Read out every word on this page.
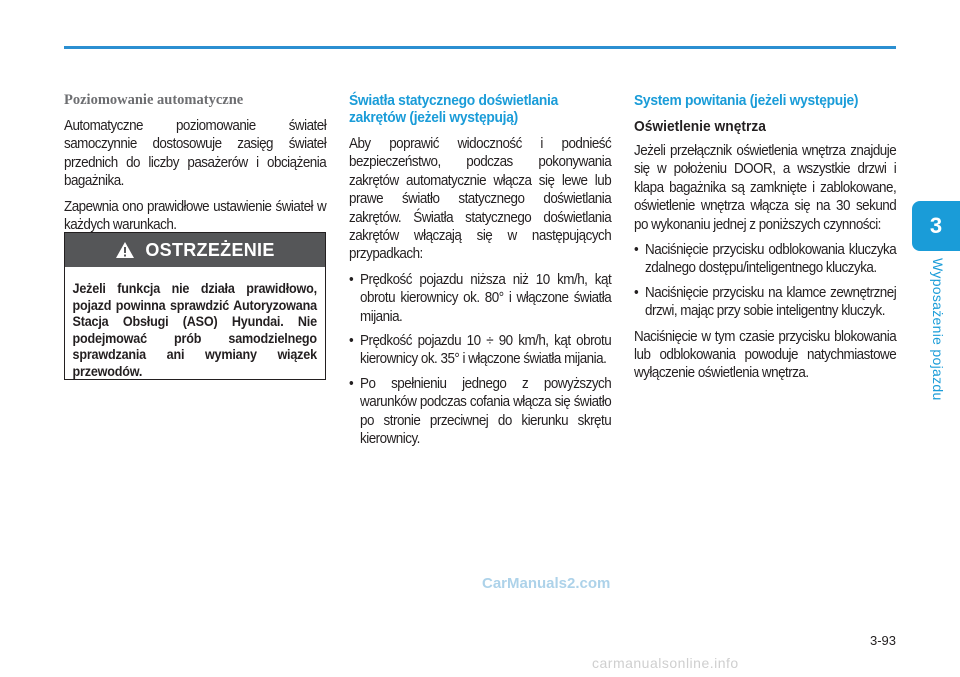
3
Wyposażenie pojazdu
Poziomowanie automatyczne

Automatyczne poziomowanie świateł samoczynnie dostosowuje zasięg świateł przednich do liczby pasażerów i obciążenia bagażnika.

Zapewnia ono prawidłowe ustawienie świateł w każdych warunkach.

OSTRZEŻENIE
Jeżeli funkcja nie działa prawidłowo, pojazd powinna sprawdzić Autoryzowana Stacja Obsługi (ASO) Hyundai. Nie podejmować prób samodzielnego sprawdzania ani wymiany wiązek przewodów.
Światła statycznego doświetlania zakrętów (jeżeli występują)

Aby poprawić widoczność i podnieść bezpieczeństwo, podczas pokonywania zakrętów automatycznie włącza się lewe lub prawe światło statycznego doświetlania zakrętów. Światła statycznego doświetlania zakrętów włączają się w następujących przypadkach:

• Prędkość pojazdu niższa niż 10 km/h, kąt obrotu kierownicy ok. 80° i włączone światła mijania.
• Prędkość pojazdu 10 ÷ 90 km/h, kąt obrotu kierownicy ok. 35° i włączone światła mijania.
• Po spełnieniu jednego z powyższych warunków podczas cofania włącza się światło po stronie przeciwnej do kierunku skrętu kierownicy.
System powitania (jeżeli występuje)
Oświetlenie wnętrza

Jeżeli przełącznik oświetlenia wnętrza znajduje się w położeniu DOOR, a wszystkie drzwi i klapa bagażnika są zamknięte i zablokowane, oświetlenie wnętrza włącza się na 30 sekund po wykonaniu jednej z poniższych czynności:

• Naciśnięcie przycisku odblokowania kluczyka zdalnego dostępu/inteligentnego kluczyka.
• Naciśnięcie przycisku na klamce zewnętrznej drzwi, mając przy sobie inteligentny kluczyk.

Naciśnięcie w tym czasie przycisku blokowania lub odblokowania powoduje natychmiastowe wyłączenie oświetlenia wnętrza.

CarManuals2.com
3-93
carmanualsonline.info
